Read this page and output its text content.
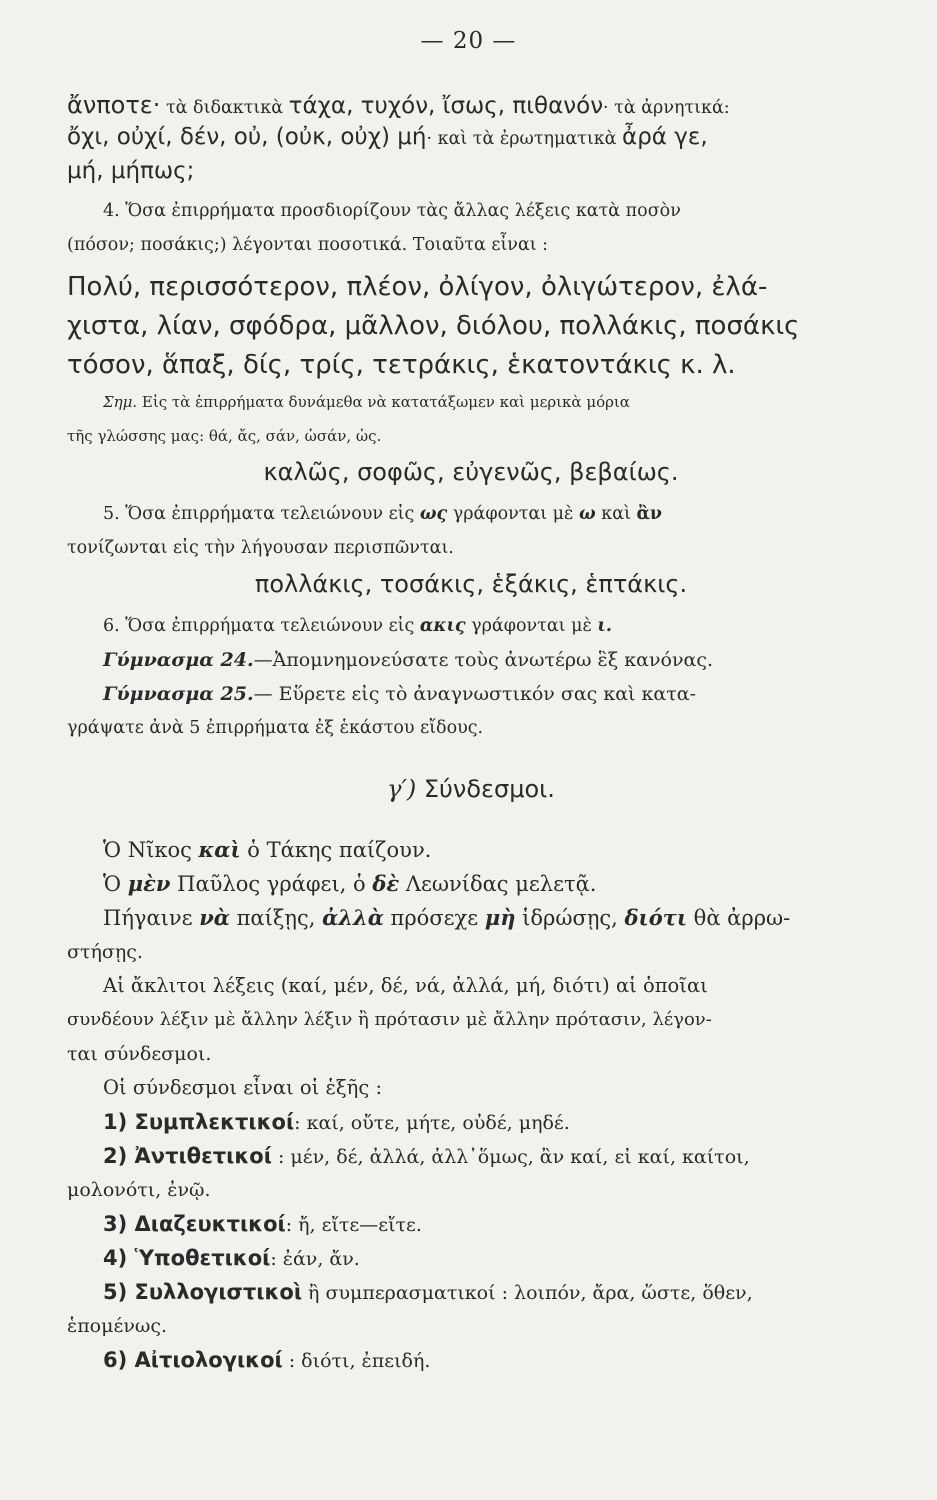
— 20 —
ἄνποτε· τὰ διδακτικὰ τάχα, τυχόν, ἴσως, πιθανόν· τὰ ἀρνητικά:
ὄχι, οὐχί, δέν, οὐ, (οὐκ, οὐχ) μή· καὶ τὰ ἐρωτηματικὰ ἆρά γε,
μή, μήπως;
4. Ὅσα ἐπιρρήματα προσδιορίζουν τὰς ἄλλας λέξεις κατὰ ποσὸν
(πόσον; ποσάκις;) λέγονται ποσοτικά. Τοιαῦτα εἶναι :
Πολύ, περισσότερον, πλέον, ὀλίγον, ὀλιγώτερον, ἐλά-
χιστα, λίαν, σφόδρα, μᾶλλον, διόλου, πολλάκις, ποσάκις
τόσον, ἅπαξ, δίς, τρίς, τετράκις, ἑκατοντάκις κ. λ.
Σημ. Εἰς τὰ ἐπιρρήματα δυνάμεθα νὰ κατατάξωμεν καὶ μερικὰ μόρια
τῆς γλώσσης μας: θά, ἄς, σάν, ὡσάν, ὡς.
καλῶς, σοφῶς, εὐγενῶς, βεβαίως.
5. Ὅσα ἐπιρρήματα τελειώνουν εἰς ως γράφονται μὲ ω καὶ ἂν
τονίζωνται εἰς τὴν λήγουσαν περισπῶνται.
πολλάκις, τοσάκις, ἑξάκις, ἑπτάκις.
6. Ὅσα ἐπιρρήματα τελειώνουν εἰς ακις γράφονται μὲ ι.
Γύμνασμα 24.—Ἀπομνημονεύσατε τοὺς ἀνωτέρω ἓξ κανόνας.
Γύμνασμα 25.— Εὕρετε εἰς τὸ ἀναγνωστικόν σας καὶ κατα-
γράψατε ἀνὰ 5 ἐπιρρήματα ἐξ ἑκάστου εἴδους.
γ′) Σύνδεσμοι.
Ὁ Νῖκος καὶ ὁ Τάκης παίζουν.
Ὁ μὲν Παῦλος γράφει, ὁ δὲ Λεωνίδας μελετᾷ.
Πήγαινε νὰ παίξῃς, ἀλλὰ πρόσεχε μὴ ἱδρώσῃς, διότι θὰ ἀρρω-
στήσῃς.
Αἱ ἄκλιτοι λέξεις (καί, μέν, δέ, νά, ἀλλά, μή, διότι) αἱ ὁποῖαι
συνδέουν λέξιν μὲ ἄλλην λέξιν ἢ πρότασιν μὲ ἄλλην πρότασιν, λέγον-
ται σύνδεσμοι.
Οἱ σύνδεσμοι εἶναι οἱ ἑξῆς :
1) Συμπλεκτικοί: καί, οὔτε, μήτε, οὐδέ, μηδέ.
2) Ἀντιθετικοί : μέν, δέ, ἀλλά, ἀλλ᾽ὅμως, ἂν καί, εἰ καί, καίτοι,
μολονότι, ἐνῷ.
3) Διαζευκτικοί: ἤ, εἴτε—εἴτε.
4) Ὑποθετικοί: ἐάν, ἄν.
5) Συλλογιστικοὶ ἢ συμπερασματικοί : λοιπόν, ἄρα, ὥστε, ὅθεν,
ἑπομένως.
6) Αἰτιολογικοί : διότι, ἐπειδή.
